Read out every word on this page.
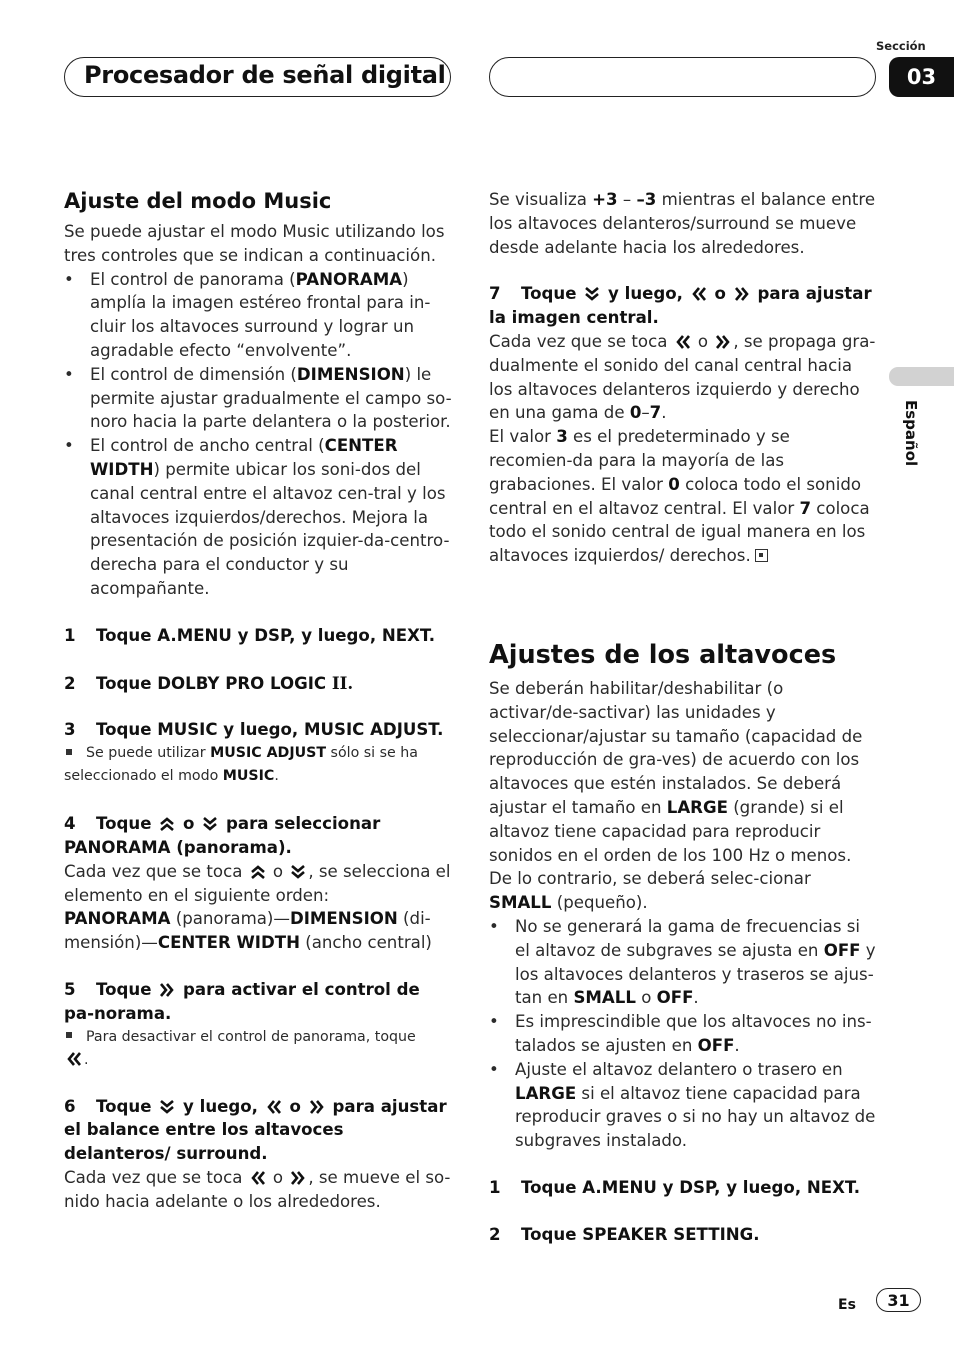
Procesador de señal digital
Sección
03
Español
Ajuste del modo Music

Se puede ajustar el modo Music utilizando los tres controles que se indican a continuación.

• El control de panorama (PANORAMA) amplía la imagen estéreo frontal para in-cluir los altavoces surround y lograr un agradable efecto “envolvente”.
• El control de dimensión (DIMENSION) le permite ajustar gradualmente el campo so-noro hacia la parte delantera o la posterior.
• El control de ancho central (CENTER WIDTH) permite ubicar los soni-dos del canal central entre el altavoz cen-tral y los altavoces izquierdos/derechos. Mejora la presentación de posición izquier-da-centro-derecha para el conductor y su acompañante.

1 Toque A.MENU y DSP, y luego, NEXT.

2 Toque DOLBY PRO LOGIC II.

3 Toque MUSIC y luego, MUSIC ADJUST.

Se puede utilizar MUSIC ADJUST sólo si se ha seleccionado el modo MUSIC.

4 Toque o para seleccionar PANORAMA (panorama).

Cada vez que se toca o , se selecciona el elemento en el siguiente orden:

PANORAMA (panorama)—DIMENSION (di-mensión)—CENTER WIDTH (ancho central)

5 Toque para activar el control de pa-norama.

Para desactivar el control de panorama, toque
.

6 Toque y luego, o para ajustar el balance entre los altavoces delanteros/ surround.

Cada vez que se toca o , se mueve el so-nido hacia adelante o los alrededores.

Se visualiza +3 – –3 mientras el balance entre los altavoces delanteros/surround se mueve desde adelante hacia los alrededores.

7 Toque y luego, o para ajustar la imagen central.

Cada vez que se toca o , se propaga gra-dualmente el sonido del canal central hacia los altavoces delanteros izquierdo y derecho en una gama de 0–7.

El valor 3 es el predeterminado y se recomien-da para la mayoría de las grabaciones. El valor 0 coloca todo el sonido central en el altavoz central. El valor 7 coloca todo el sonido central de igual manera en los altavoces izquierdos/ derechos.

Ajustes de los altavoces

Se deberán habilitar/deshabilitar (o activar/de-sactivar) las unidades y seleccionar/ajustar su tamaño (capacidad de reproducción de gra-ves) de acuerdo con los altavoces que estén instalados. Se deberá ajustar el tamaño en LARGE (grande) si el altavoz tiene capacidad para reproducir sonidos en el orden de los 100 Hz o menos. De lo contrario, se deberá selec-cionar SMALL (pequeño).

• No se generará la gama de frecuencias si el altavoz de subgraves se ajusta en OFF y los altavoces delanteros y traseros se ajus-tan en SMALL o OFF.
• Es imprescindible que los altavoces no ins-talados se ajusten en OFF.
• Ajuste el altavoz delantero o trasero en LARGE si el altavoz tiene capacidad para reproducir graves o si no hay un altavoz de subgraves instalado.

1 Toque A.MENU y DSP, y luego, NEXT.

2 Toque SPEAKER SETTING.

Es	31
